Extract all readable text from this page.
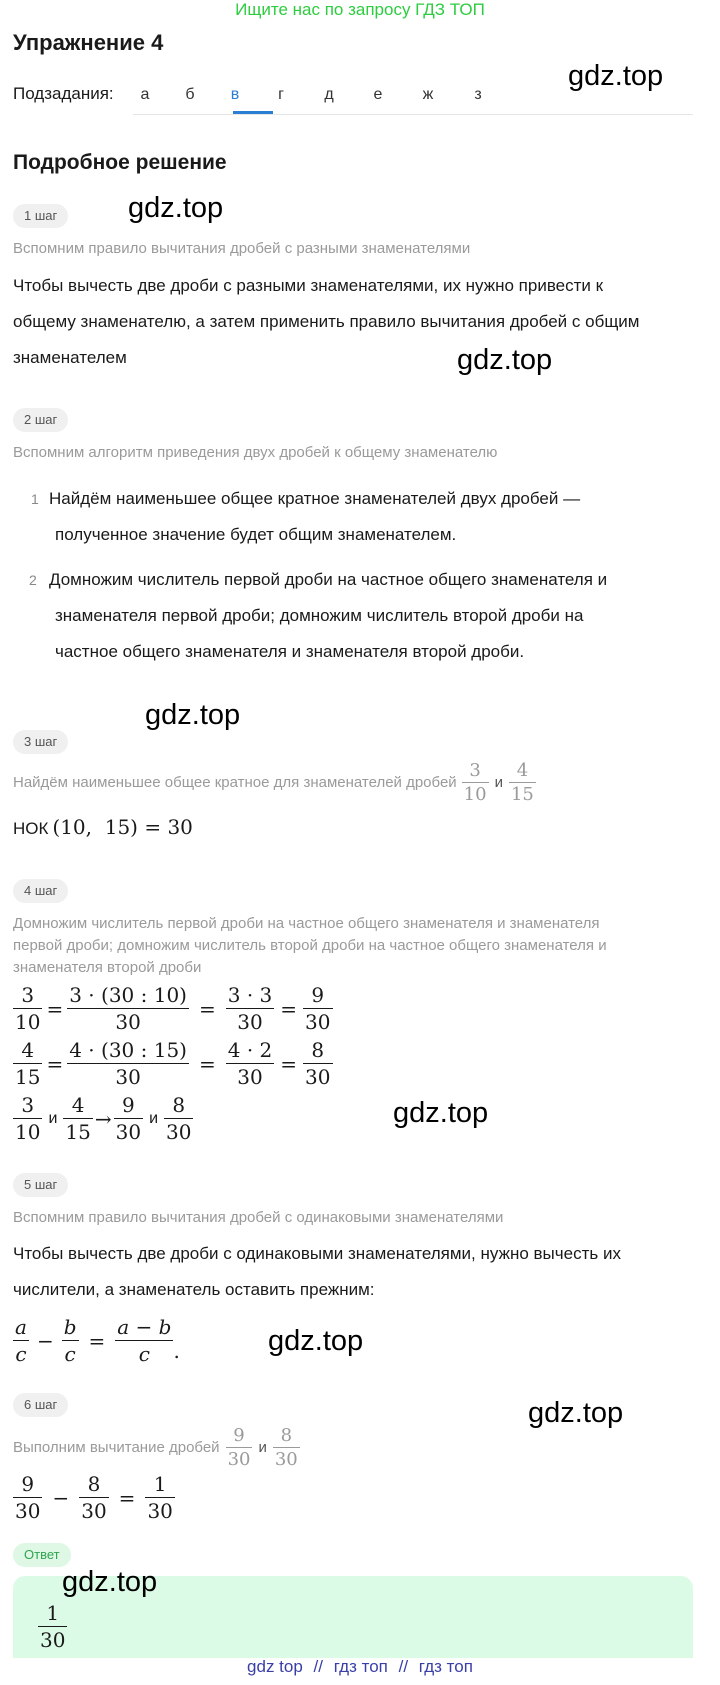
Ищите нас по запросу ГДЗ ТОП
Упражнение 4
Подзадания:	а	б	в	г	д	е	ж	з
gdz.top
Подробное решение
1 шаг	gdz.top
Вспомним правило вычитания дробей с разными знаменателями
Чтобы вычесть две дроби с разными знаменателями, их нужно привести к
общему знаменателю, а затем применить правило вычитания дробей с общим
знаменателем	gdz.top
2 шаг
Вспомним алгоритм приведения двух дробей к общему знаменателю
1 Найдём наименьшее общее кратное знаменателей двух дробей —
полученное значение будет общим знаменателем.
2 Домножим числитель первой дроби на частное общего знаменателя и
знаменателя первой дроби; домножим числитель второй дроби на
частное общего знаменателя и знаменателя второй дроби.
gdz.top
3 шаг
Найдём наименьшее общее кратное для знаменателей дробей $\frac{3}{10}$ и $\frac{4}{15}$
НОК (10,  15) = 30
4 шаг
Домножим числитель первой дроби на частное общего знаменателя и знаменателя
первой дроби; домножим числитель второй дроби на частное общего знаменателя и
знаменателя второй дроби
$\frac{3}{10} = \frac{3 \cdot (30 : 10)}{30} = \frac{3 \cdot 3}{30} = \frac{9}{30}$
$\frac{4}{15} = \frac{4 \cdot (30 : 15)}{30} = \frac{4 \cdot 2}{30} = \frac{8}{30}$
$\frac{3}{10}$ и $\frac{4}{15} \to \frac{9}{30}$ и $\frac{8}{30}$	gdz.top
5 шаг
Вспомним правило вычитания дробей с одинаковыми знаменателями
Чтобы вычесть две дроби с одинаковыми знаменателями, нужно вычесть их
числители, а знаменатель оставить прежним:
$\frac{a}{c} - \frac{b}{c} = \frac{a - b}{c}$ .	gdz.top
gdz.top
6 шаг
Выполним вычитание дробей $\frac{9}{30}$ и $\frac{8}{30}$
$\frac{9}{30} - \frac{8}{30} = \frac{1}{30}$
Ответ
gdz.top
$\frac{1}{30}$
gdz top // гдз топ // гдз топ
